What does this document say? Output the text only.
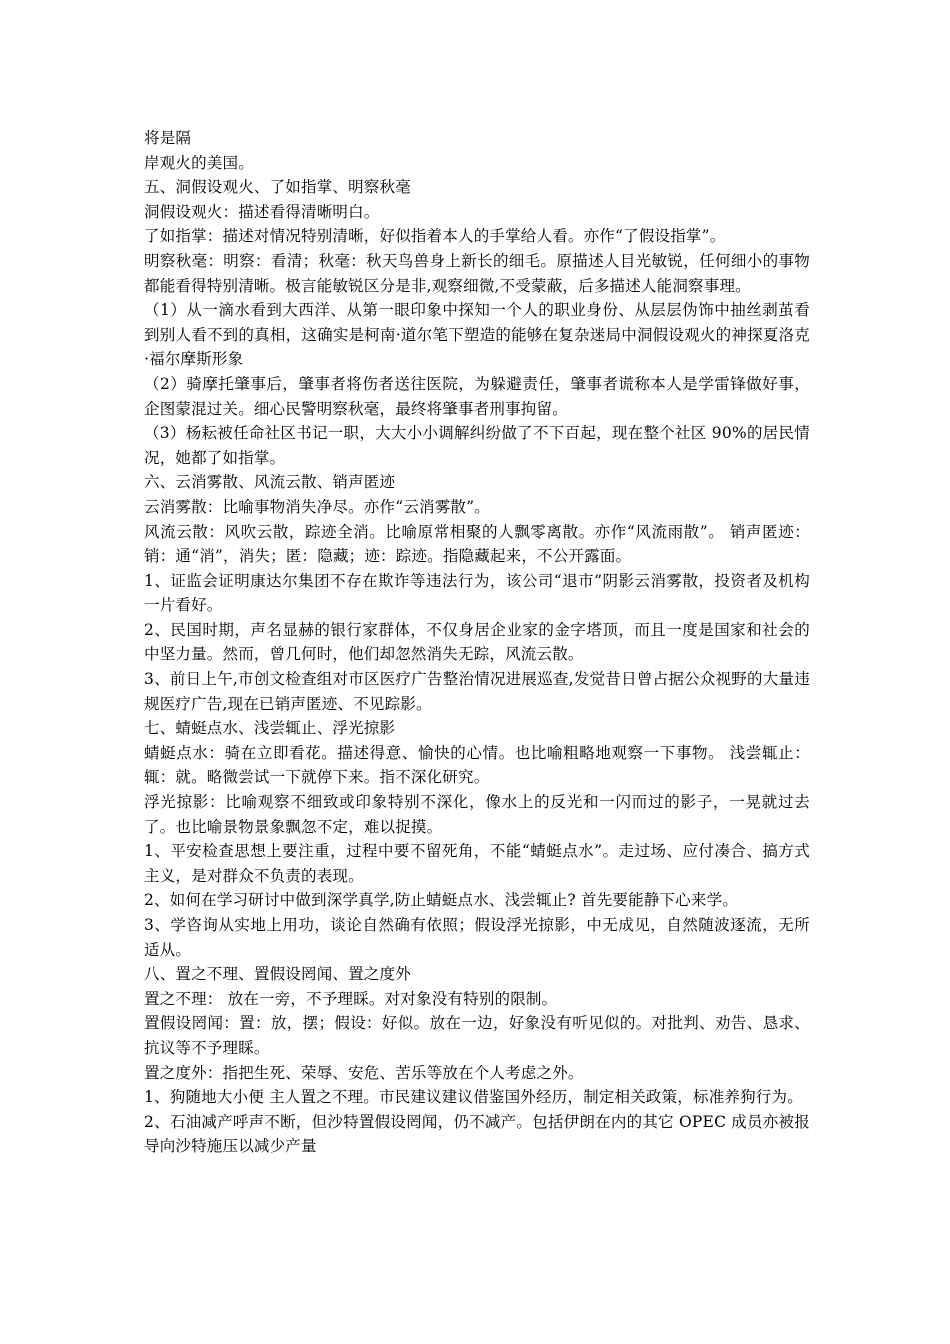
将是隔

岸观火的美国。

五、洞假设观火、了如指掌、明察秋毫

洞假设观火：描述看得清晰明白。

了如指掌：描述对情况特别清晰，好似指着本人的手掌给人看。亦作“了假设指掌”。

明察秋毫：明察：看清；秋毫：秋天鸟兽身上新长的细毛。原描述人目光敏锐，任何细小的事物都能看得特别清晰。极言能敏锐区分是非,观察细微,不受蒙蔽，后多描述人能洞察事理。

（1）从一滴水看到大西洋、从第一眼印象中探知一个人的职业身份、从层层伪饰中抽丝剥茧看到别人看不到的真相，这确实是柯南·道尔笔下塑造的能够在复杂迷局中洞假设观火的神探夏洛克·福尔摩斯形象

（2）骑摩托肇事后，肇事者将伤者送往医院，为躲避责任，肇事者谎称本人是学雷锋做好事，企图蒙混过关。细心民警明察秋毫，最终将肇事者刑事拘留。

（3）杨耘被任命社区书记一职，大大小小调解纠纷做了不下百起，现在整个社区 90%的居民情况，她都了如指掌。

六、云消雾散、风流云散、销声匿迹

云消雾散：比喻事物消失净尽。亦作“云消雾散”。

风流云散：风吹云散，踪迹全消。比喻原常相聚的人飘零离散。亦作“风流雨散”。 销声匿迹：销：通“消”，消失；匿：隐藏；迹：踪迹。指隐藏起来，不公开露面。

1、证监会证明康达尔集团不存在欺诈等违法行为，该公司“退市”阴影云消雾散，投资者及机构一片看好。

2、民国时期，声名显赫的银行家群体，不仅身居企业家的金字塔顶，而且一度是国家和社会的中坚力量。然而，曾几何时，他们却忽然消失无踪，风流云散。

3、前日上午,市创文检查组对市区医疗广告整治情况进展巡查,发觉昔日曾占据公众视野的大量违规医疗广告,现在已销声匿迹、不见踪影。

七、蜻蜓点水、浅尝辄止、浮光掠影

蜻蜓点水：骑在立即看花。描述得意、愉快的心情。也比喻粗略地观察一下事物。 浅尝辄止：辄：就。略微尝试一下就停下来。指不深化研究。

浮光掠影：比喻观察不细致或印象特别不深化，像水上的反光和一闪而过的影子，一晃就过去了。也比喻景物景象飘忽不定，难以捉摸。

1、平安检查思想上要注重，过程中要不留死角，不能“蜻蜓点水”。走过场、应付凑合、搞方式主义，是对群众不负责的表现。

2、如何在学习研讨中做到深学真学,防止蜻蜓点水、浅尝辄止? 首先要能静下心来学。

3、学咨询从实地上用功，谈论自然确有依照；假设浮光掠影，中无成见，自然随波逐流，无所适从。

八、置之不理、置假设罔闻、置之度外

置之不理： 放在一旁，不予理睬。对对象没有特别的限制。

置假设罔闻：置：放，摆；假设：好似。放在一边，好象没有听见似的。对批判、劝告、恳求、抗议等不予理睬。

置之度外：指把生死、荣辱、安危、苦乐等放在个人考虑之外。

1、狗随地大小便 主人置之不理。市民建议建议借鉴国外经历，制定相关政策，标准养狗行为。

2、石油减产呼声不断，但沙特置假设罔闻，仍不减产。包括伊朗在内的其它 OPEC 成员亦被报导向沙特施压以减少产量
